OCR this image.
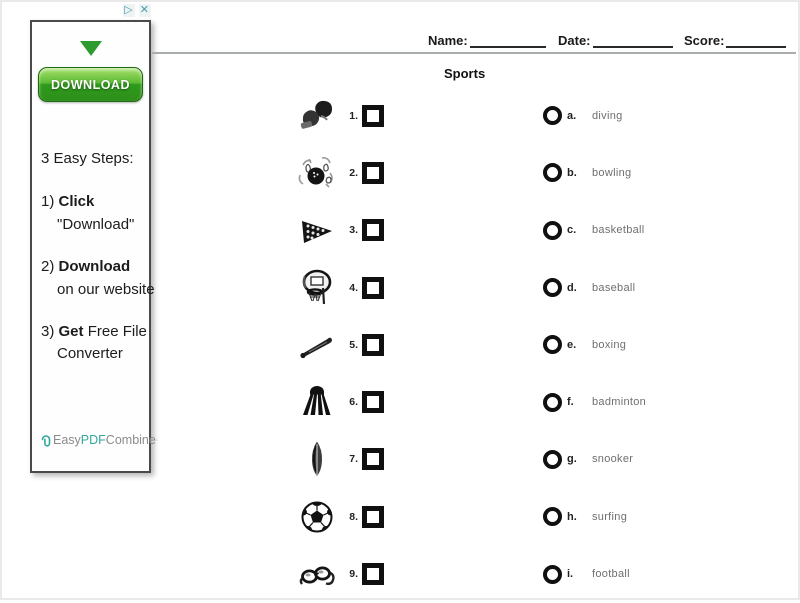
▷ ✕
DOWNLOAD
3 Easy Steps:
1) Click
"Download"
2) Download
on our website
3) Get Free File
Converter
Easy PDF Combine ·
Name:	Date:	Score:
Sports
1.
2.
3.
4.
5.
6.
7.
8.
9.
a.	diving
b.	bowling
c.	basketball
d.	baseball
e.	boxing
f.	badminton
g.	snooker
h.	surfing
i.	football
